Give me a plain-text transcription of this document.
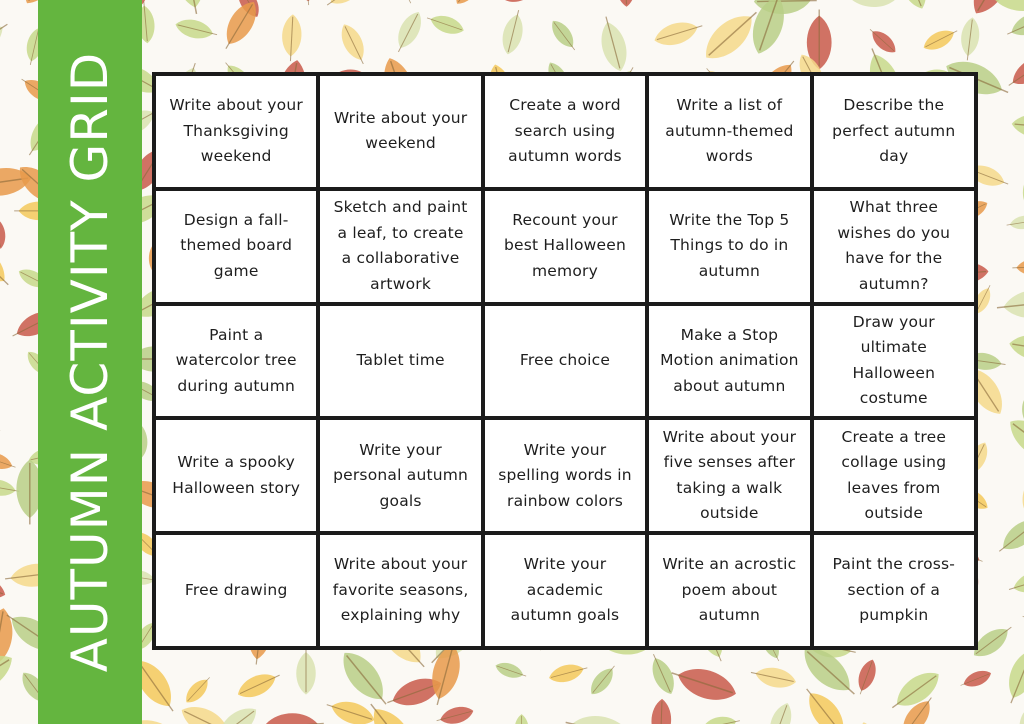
AUTUMN ACTIVITY GRID	Write about your Thanksgiving weekend
Write about your weekend
Create a word search using autumn words
Write a list of autumn-themed words
Describe the perfect autumn day
Design a fall-themed board game
Sketch and paint a leaf, to create a collaborative artwork
Recount your best Halloween memory
Write the Top 5 Things to do in autumn
What three wishes do you have for the autumn?
Paint a watercolor tree during autumn
Tablet time	Free choice
Make a Stop Motion animation about autumn
Draw your ultimate Halloween costume
Write a spooky Halloween story
Write your personal autumn goals
Write your spelling words in rainbow colors
Write about your five senses after taking a walk outside
Create a tree collage using leaves from outside
Free drawing
Write about your favorite seasons, explaining why
Write your academic autumn goals
Write an acrostic poem about autumn
Paint the cross-section of a pumpkin
